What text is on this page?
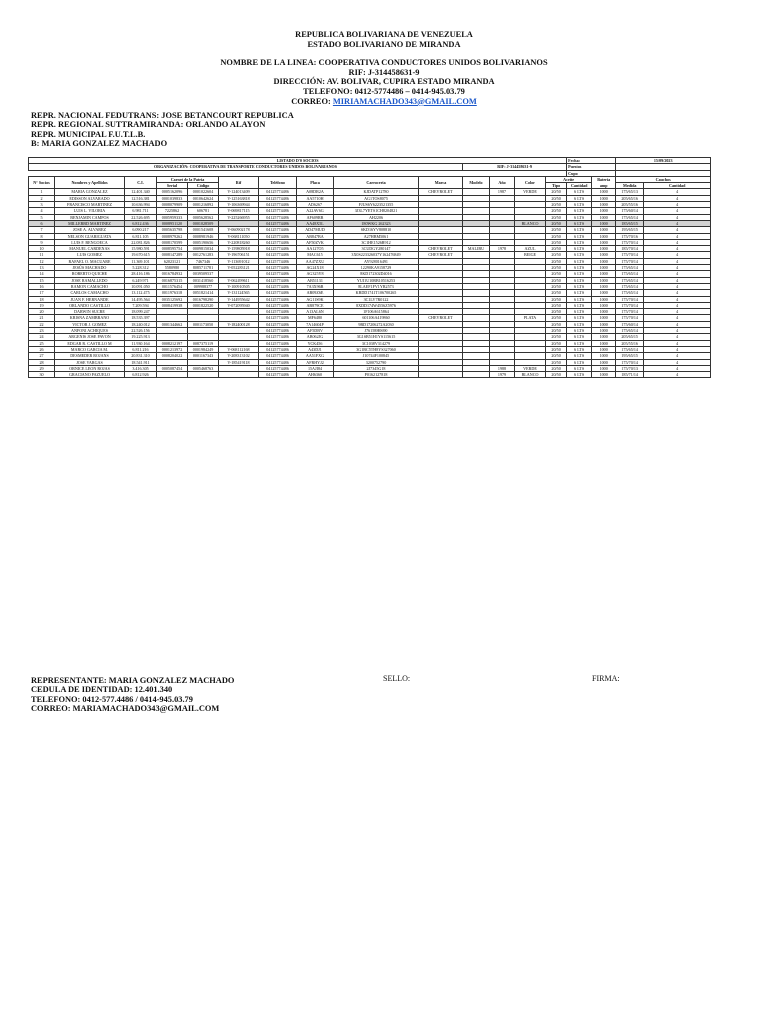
REPUBLICA BOLIVARIANA DE VENEZUELA
ESTADO BOLIVARIANO DE MIRANDA
NOMBRE DE LA LINEA: COOPERATIVA CONDUCTORES UNIDOS BOLIVARIANOS
RIF: J-314458631-9
DIRECCIÓN: AV. BOLIVAR, CUPIRA ESTADO MIRANDA
TELEFONO: 0412-5774486 – 0414-945.03.79
CORREO: MIRIAMACHADO343@GMAIL.COM
REPR. NACIONAL FEDUTRANS: JOSE BETANCOURT REPUBLICA
REPR. REGIONAL SUTTRAMIRANDA: ORLANDO ALAYON
REPR. MUNICIPAL F.U.T.L.B.
B: MARIA GONZALEZ MACHADO
LISTADO D'0 SOCIOS														Fecha:		15/09/2023	
ORGANIZACIÓN: COOPERATIVA DE TRANSPORTE CONDUCTORES UNIDOS BOLIVARIANOS										RIF: J-314458631-9				Puestos			
														Cupo			
N° Socios	Nombres y Apellidos	C.I.	Carnet de la Patria		Rif	Teléfono	Placa	Carroceria	Marca	Modelo	Año	Color	Aceite		Bateria amp	Cauchos	
			Serial	Código									Tipo	Cantidad		Medida	Cantidad
1	MARIA GONZALEZ	12.401.340	0005162096	0001022604	V-124013409	04125774486	A08DR2A	KJDATP12780	CHEVROLET		1987	VERDE	20/50	6 LTS	1000	175/65/13	4
2	EDISSON ALVARADO	12.516.381	0001039833	0010642624	V-125163818	04125774486	AA5710H	AG1TOS8075					20/50	6 LTS	1000	205/65/16	4
3	FRANCISCO MARTINEZ	10.636.994	0008079909	0001216892	V-106369944	04125774486	AD6267	FJUS6Y6223521355					20/50	6 LTS	1000	205/55/16	4
4	LUIS L. VILORIA	6.981.711	7225862	606781	V-069817115	04125774486	A22AV6G	3J3L7YETS1CH8204821					20/50	6 LTS	1000	175/60/14	4
5	BENJAMIN CAMPOS	22.526.695	0005959333	0005628562	V-225266955	04125774486	AF609RB	AH2206					20/50	6 LTS	1000	175/65/14	4
6	MILLERBD MARTINEZ	6.812.436	0008951120	0001028509		04125774486	AA48X5L	180WKG 262323				BLANCO	20/50	6 LTS	1000	185/65/15	4
7	JOSE A. ALVAREZ	6.090.217	0005635798	0001541608	V-060902178	04125774486	AD47MUD	SKD16YV808810					20/50	6 LTS	1000	195/65/15	4
8	NELSON GUARIGUATA	6.811.105	0008979262	0008981946	V-068111050	04125774486	AB847BA	A27HBM5061					20/50	6 LTS	1000	175/70/16	4
9	LUIS F. BENGOECA	22.081.826	0008170599	0005190656	V-220818260	04125774486	AF50ZVK	3C1HE1526R912					20/50	6 LTS	1000	175/70/14	4
10	MANUEL CARDENAS	15.980.591	0008595754	0009815034	V-159805918	04125774486	AA127O5	3CUDGY280147	CHEVROLET	MALIBU	1978	AZUL	20/50	6 LTS	1000	185/70/14	4
11	LUIS GOMEZ	19.670.615	0008147289	0012761283	V-196706151	04125774486	MAC615	3X0S223326037Y162476849	CHEVROLET			BEIGE	20/50	6 LTS	1000	175/70/14	4
12	RAFAEL O. MACUARE	11.369.101	62023121	7467346	V-113691012	04125774486	AA47ZXU	AY928016491					20/50	6 LTS	1000	175/70/14	4
13	JESÚS MACHADO	5.228.312	5580980	8085711781	V-052283121	04125774486	AG24X18	12290KA9158729					20/50	6 LTS	1000	175/65/14	4
14	ROBERTO QUICHE	28.416.186	0016784932	0039509537		04125774486	AG325Y8	8KD172302D4016					20/50	6 LTS	1000	175/65/14	4
15	JOSE RAMALLEDO	6.249.971	0016875315	0031418560	V-062499611	04125774486	AB51131	YUI1U10RB10516253					20/50	6 LTS	1000	175/65/14	4
16	RAMON CAMACHO	10.091.050	0011576454	009988377	V-100910505	04125774486	7A3X96B	8LAEF1FV1YR2573					20/50	6 LTS	1000	175/65/14	4
17	CARLOS CAMACHO	13.112.475	0011976318	0051821414	V-131124565	04125774486	AB09Z6E	KBDD1741T106700265					20/50	6 LTS	1000	175/65/14	4
18	JUAN F. HERNANDE	14.495.564	0035125692	0016798290	V-144955642	04125774486	AG11S9K	3C1LV7R0122					20/50	6 LTS	1000	175/70/14	4
19	ORLANDO CASTILLO	7.209.594	0008419938	0001822520	V-072095940	04125774486	AB879CE	8XDD174W4556Z5976					20/50	6 LTS	1000	175/70/14	4
20	DARWIN SUCRE	18.099.247				04125774486	A13AL6N	1F106A615864					20/50	6 LTS	1000	175/70/14	4
21	KRISNA ZAMBRANO	18.535.397				04125774486	MF6480	601106A419860	CHEVROLET			PLATA	20/50	6 LTS	1000	175/70/14	4
22	VICTOR J. GOMEZ	18.240.012	0001344662	0001173050	V-182400128	04125774486	7A14604P	9BD17206272A2030					20/50	6 LTS	1000	175/60/14	4
23	ANFONI ACHIQUES	22.526.156				04125774486	AF5DBV	J76158H0690					20/50	6 LTS	1000	175/65/14	4
24	ARGENIS JOSE PAVON	19.225.913				04125774486	AB062JG	3G1SB51H1YS115615					20/50	6 LTS	1000	205/65/15	4
25	EDGAR R. CASTILLO M	11.930.164	0008212197	0087375119		04125774486	YCK456	3C1038V314279					20/50	6 LTS	1000	205/55/16	4
26	MARCO GARCIA M.	6.811.216	0001213972	0001984249	V-068112168	04125774486	A43DJ1	3G1BC5TH8YS327060					20/50	6 LTS	1000	175/65/14	4
27	DESMEDER ROJANS	20.831.310	0008204022	0001167343	V-208313102	04125774486	AA51FXG	J10744F100845					20/50	6 LTS	1000	195/65/15	4
28	JOSE VARGAS	18.541.911			V-185419118	04125774486	AFRHYJ2	3200752790					20/50	6 LTS	1000	175/70/14	4
29	ORNICE LEON ROJAS	3.416.305	0005087454	0005468763		04125774486	15AJI84	2J7345G18			1988	VERDE	20/50	6 LTS	1000	175/70/13	4
30	GRACIANO PAZUELO	6.812.926				04125774486	AH6360	P0162127818			1979	BLANCO	20/50	6 LTS	1000	185/71/14	4
REPRESENTANTE: MARIA GONZALEZ MACHADO
CEDULA DE IDENTIDAD: 12.401.340
TELEFONO: 0412-577.4486 / 0414-945.03.79
CORREO: MARIAMACHADO343@GMAIL.COM
SELLO:	FIRMA:
